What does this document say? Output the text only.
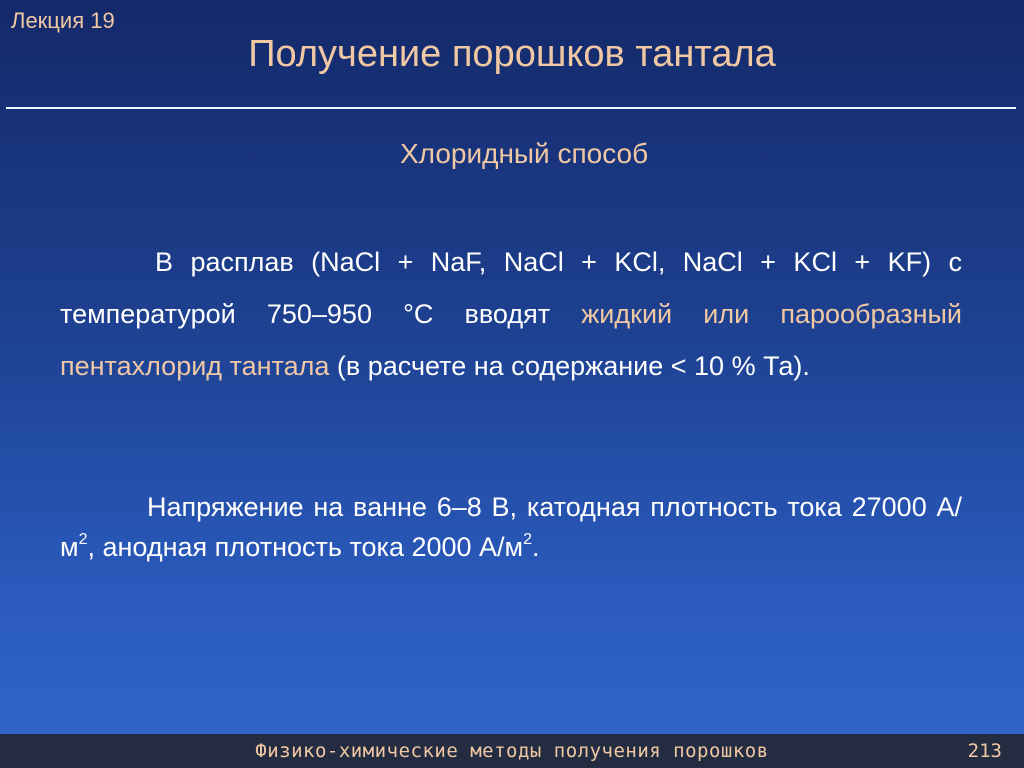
Лекция 19
Получение порошков тантала
Хлоридный способ
В расплав (NaCl + NaF, NaCl + KCl, NaCl + KCl + KF) с температурой 750–950 °С вводят жидкий или парообразный пентахлорид тантала (в расчете на содержание < 10 % Та).
Напряжение на ванне 6–8 В, катодная плотность тока 27000 $А/м^2$, анодная плотность тока 2000 $А/м^2$.
Физико-химические методы получения порошков	213
